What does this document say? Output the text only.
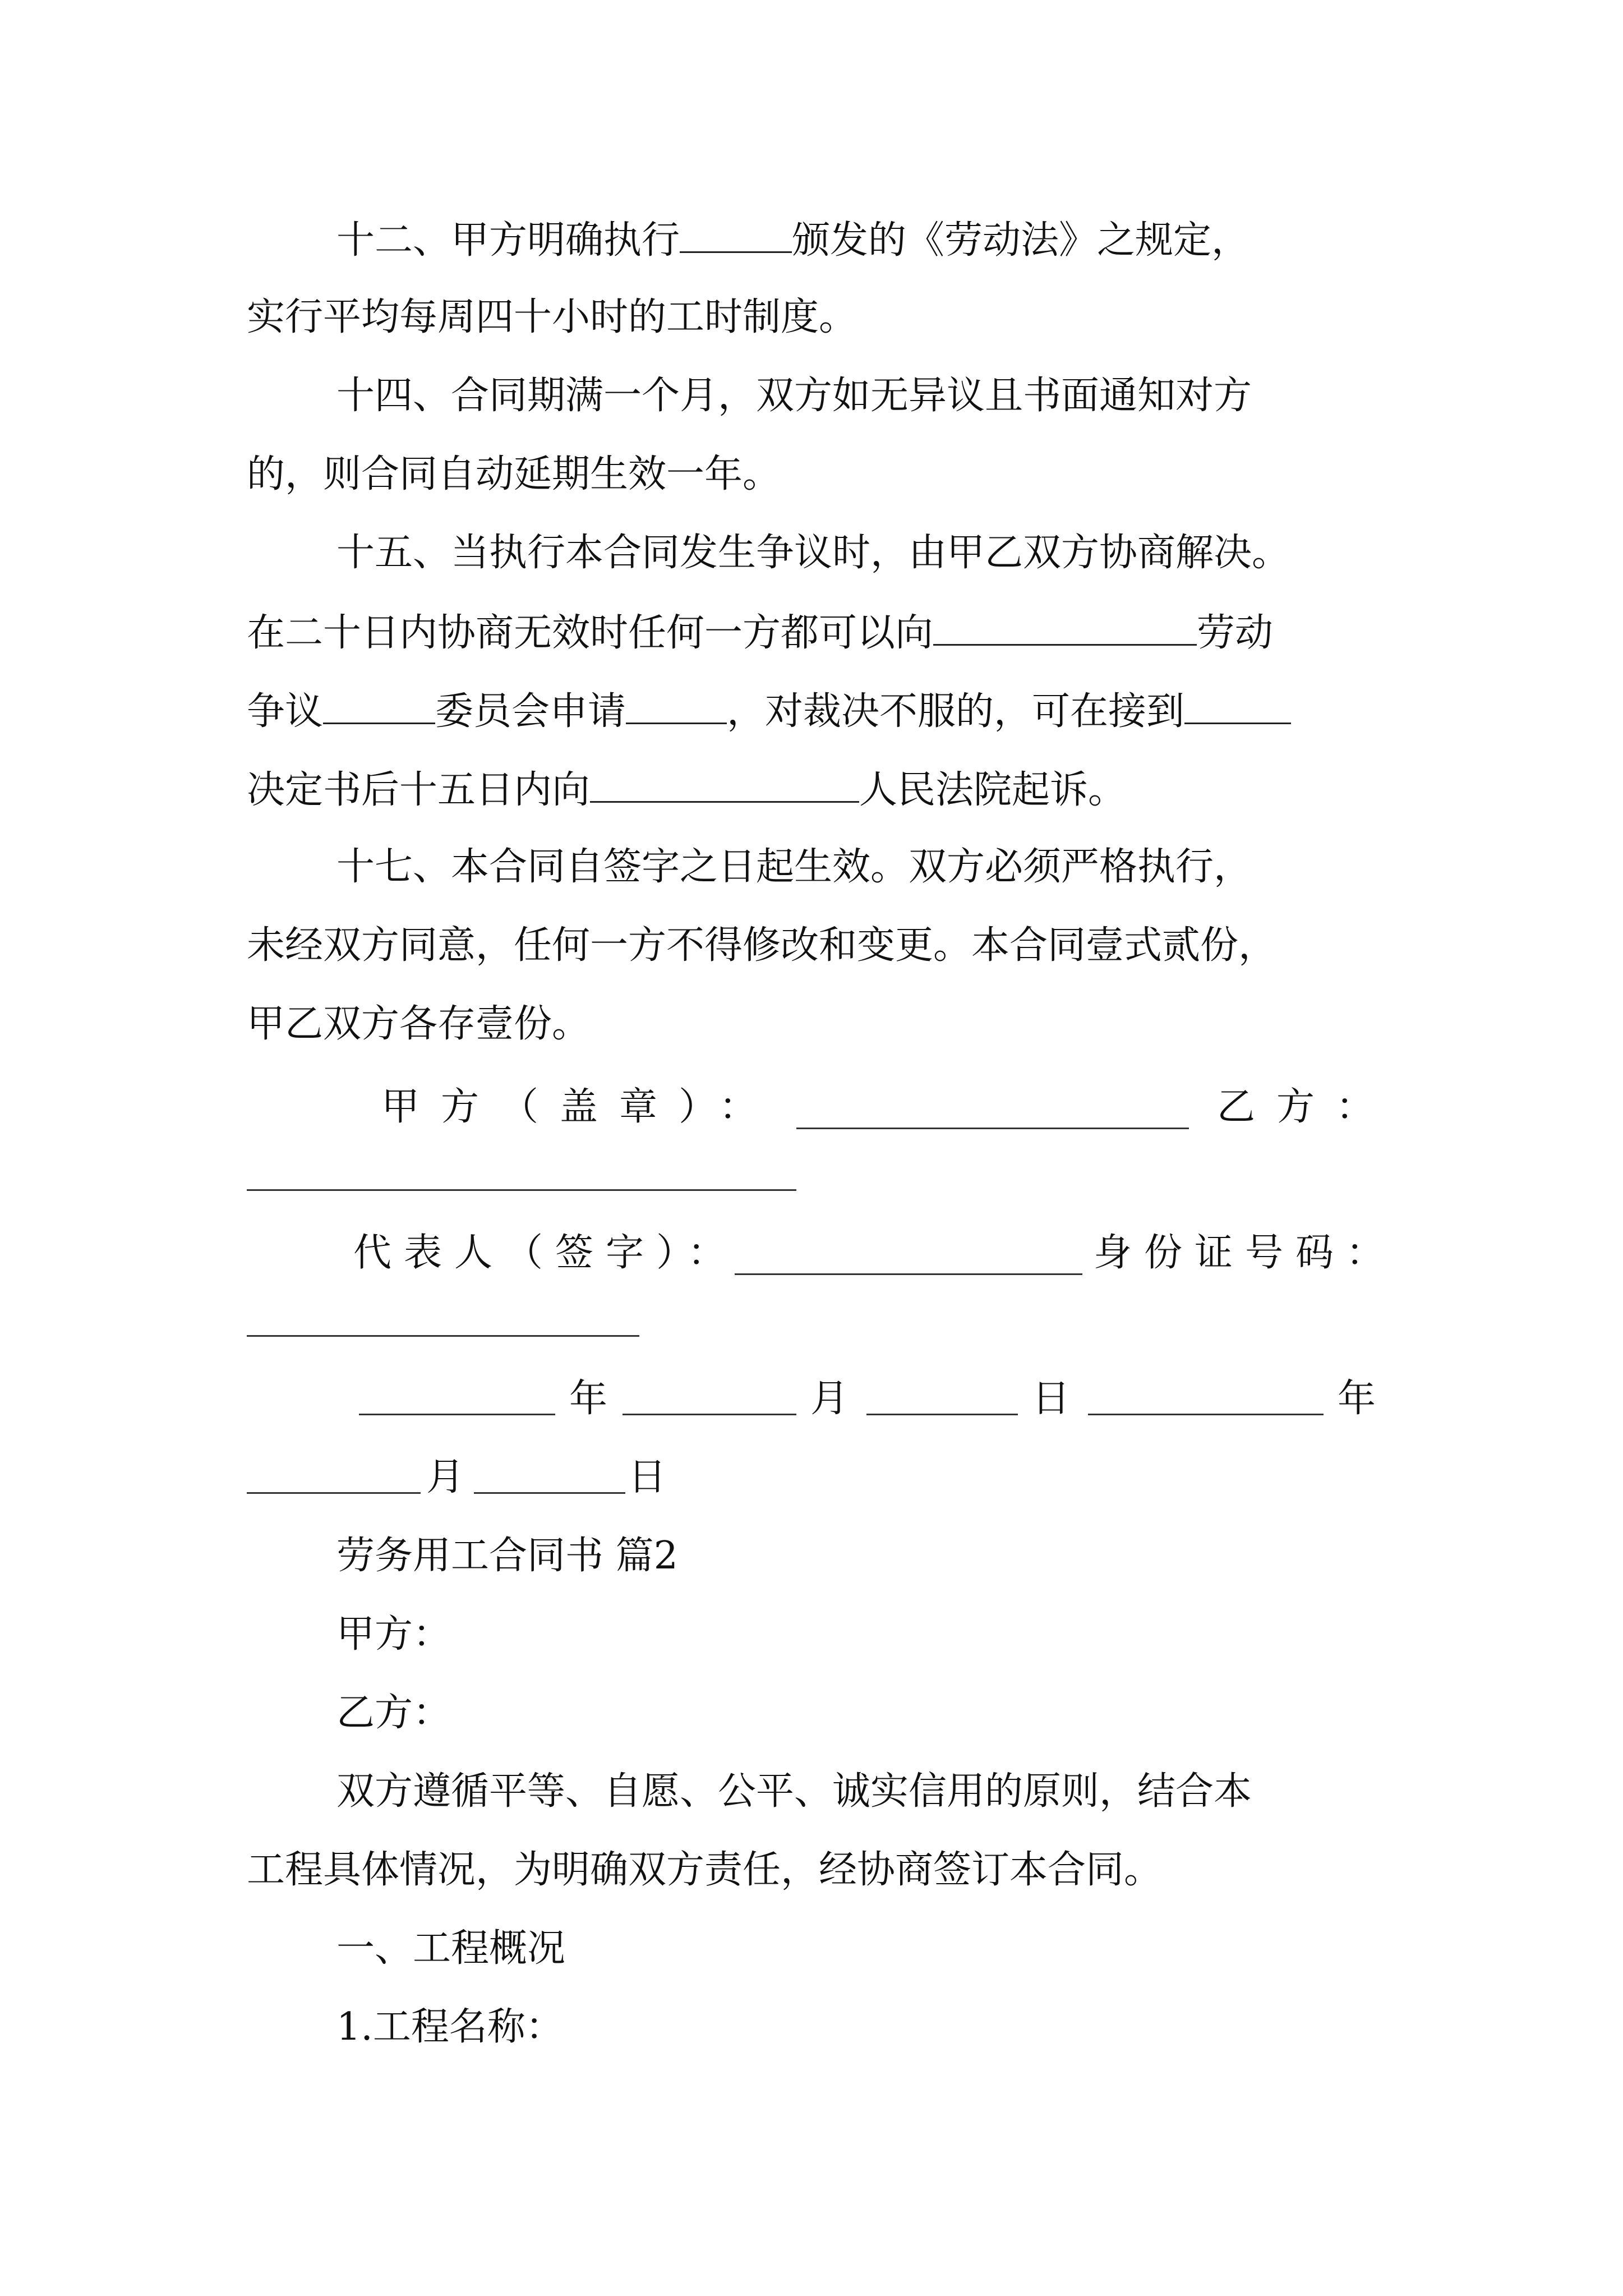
十二、甲方明确执行	颁发的《劳动法》之规定，
实行平均每周四十小时的工时制度。
十四、合同期满一个月，双方如无异议且书面通知对方
的，则合同自动延期生效一年。
十五、当执行本合同发生争议时，由甲乙双方协商解决。
在二十日内协商无效时任何一方都可以向	劳动
争议	委员会申请	，对裁决不服的，可在接到
决定书后十五日内向	人民法院起诉。
十七、本合同自签字之日起生效。双方必须严格执行，
未经双方同意，任何一方不得修改和变更。本合同壹式贰份，
甲乙双方各存壹份。
甲方（盖章）：	乙方：
代表人（签字）：	身份证号码：
年	月	日	年
月	日
劳务用工合同书 篇2
甲方：
乙方：
双方遵循平等、自愿、公平、诚实信用的原则，结合本
工程具体情况，为明确双方责任，经协商签订本合同。
一、工程概况
1.工程名称：
